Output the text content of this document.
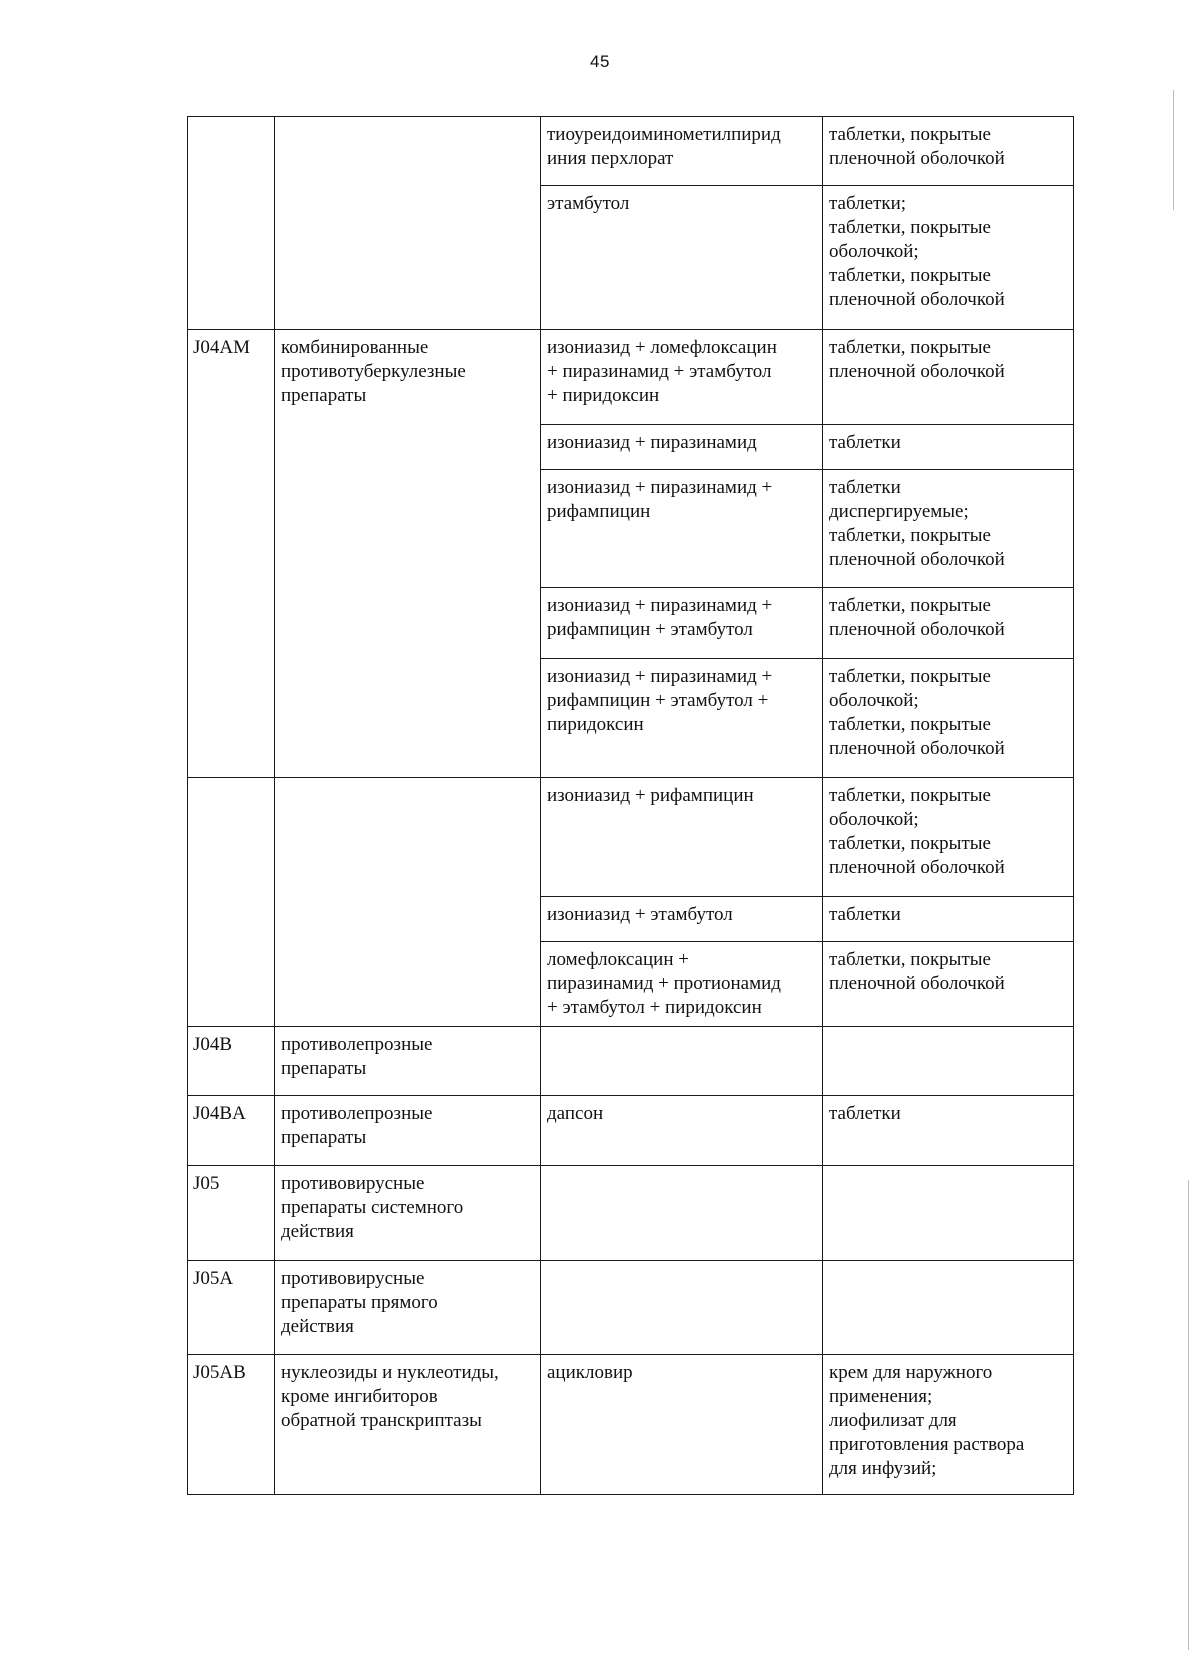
45
		тиоуреидоиминометилпирид
иния перхлорат	таблетки, покрытые
пленочной оболочкой
		этамбутол	таблетки;
таблетки, покрытые
оболочкой;
таблетки, покрытые
пленочной оболочкой
J04AM	комбинированные
противотуберкулезные
препараты	изониазид + ломефлоксацин
+ пиразинамид + этамбутол
+ пиридоксин	таблетки, покрытые
пленочной оболочкой
		изониазид + пиразинамид	таблетки
		изониазид + пиразинамид +
рифампицин	таблетки
диспергируемые;
таблетки, покрытые
пленочной оболочкой
		изониазид + пиразинамид +
рифампицин + этамбутол	таблетки, покрытые
пленочной оболочкой
		изониазид + пиразинамид +
рифампицин + этамбутол +
пиридоксин	таблетки, покрытые
оболочкой;
таблетки, покрытые
пленочной оболочкой
		изониазид + рифампицин	таблетки, покрытые
оболочкой;
таблетки, покрытые
пленочной оболочкой
		изониазид + этамбутол	таблетки
		ломефлоксацин +
пиразинамид + протионамид
+ этамбутол + пиридоксин	таблетки, покрытые
пленочной оболочкой
J04B	противолепрозные
препараты		
J04BA	противолепрозные
препараты	дапсон	таблетки
J05	противовирусные
препараты системного
действия		
J05A	противовирусные
препараты прямого
действия		
J05AB	нуклеозиды и нуклеотиды,
кроме ингибиторов
обратной транскриптазы	ацикловир	крем для наружного
применения;
лиофилизат для
приготовления раствора
для инфузий;
